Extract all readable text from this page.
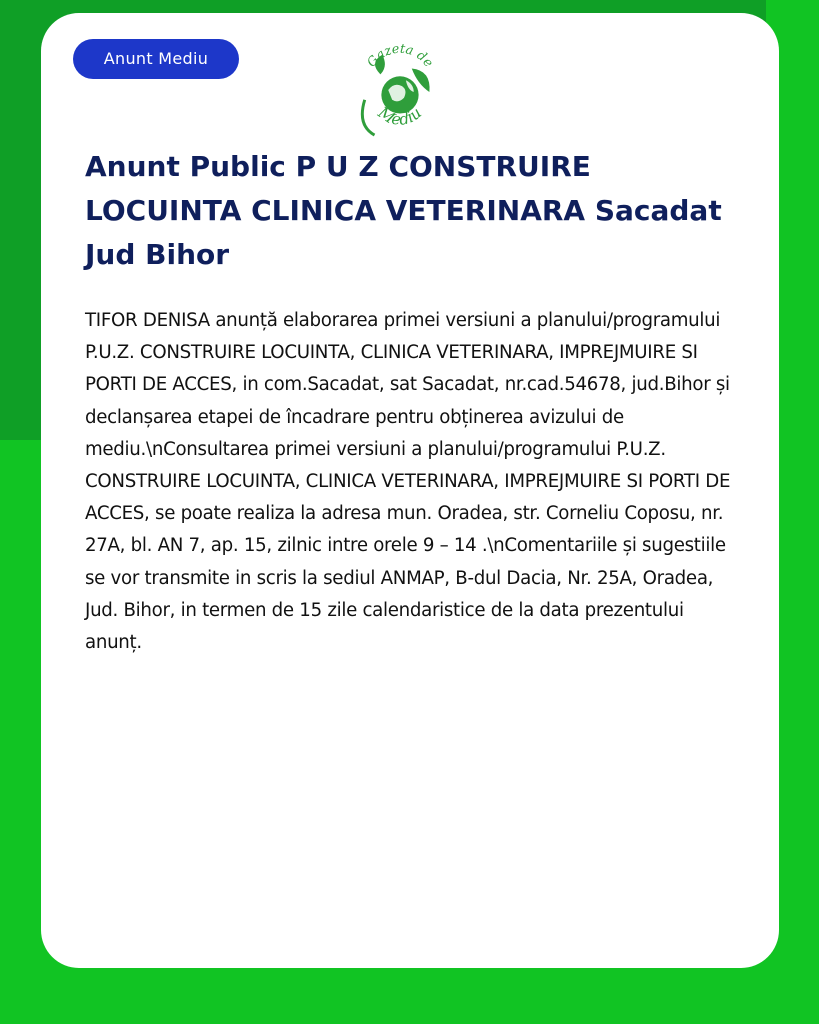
Anunt Mediu	Gazeta de
Mediu
Anunt Public P U Z CONSTRUIRE LOCUINTA CLINICA VETERINARA Sacadat Jud Bihor

TIFOR DENISA anunță elaborarea primei versiuni a planului/programului P.U.Z. CONSTRUIRE LOCUINTA, CLINICA VETERINARA, IMPREJMUIRE SI PORTI DE ACCES, in com.Sacadat, sat Sacadat, nr.cad.54678, jud.Bihor și declanșarea etapei de încadrare pentru obținerea avizului de mediu.\nConsultarea primei versiuni a planului/programului P.U.Z. CONSTRUIRE LOCUINTA, CLINICA VETERINARA, IMPREJMUIRE SI PORTI DE ACCES, se poate realiza la adresa mun. Oradea, str. Corneliu Coposu, nr. 27A, bl. AN 7, ap. 15, zilnic intre orele 9 – 14 .\nComentariile și sugestiile se vor transmite in scris la sediul ANMAP, B-dul Dacia, Nr. 25A, Oradea, Jud. Bihor, in termen de 15 zile calendaristice de la data prezentului anunț.
